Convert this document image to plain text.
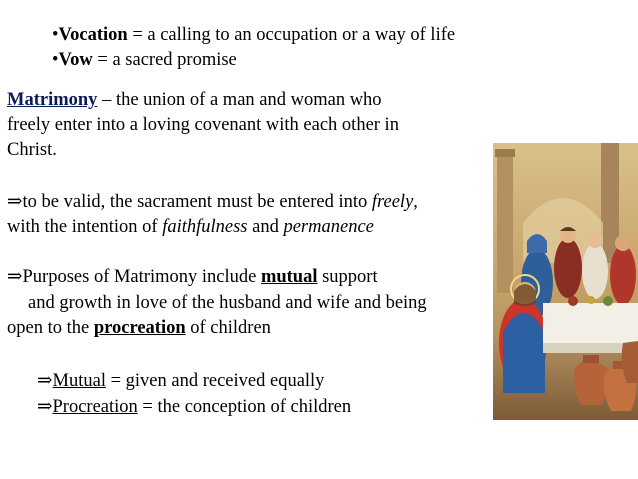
•Vocation = a calling to an occupation or a way of life
•Vow = a sacred promise
Matrimony – the union of a man and woman who
freely enter into a loving covenant with each other in
Christ.
⇒to be valid, the sacrament must be entered into freely,
with the intention of faithfulness and permanence
⇒Purposes of Matrimony include mutual support
and growth in love of the husband and wife and being
open to the procreation of children
⇒Mutual = given and received equally
⇒Procreation = the conception of children
